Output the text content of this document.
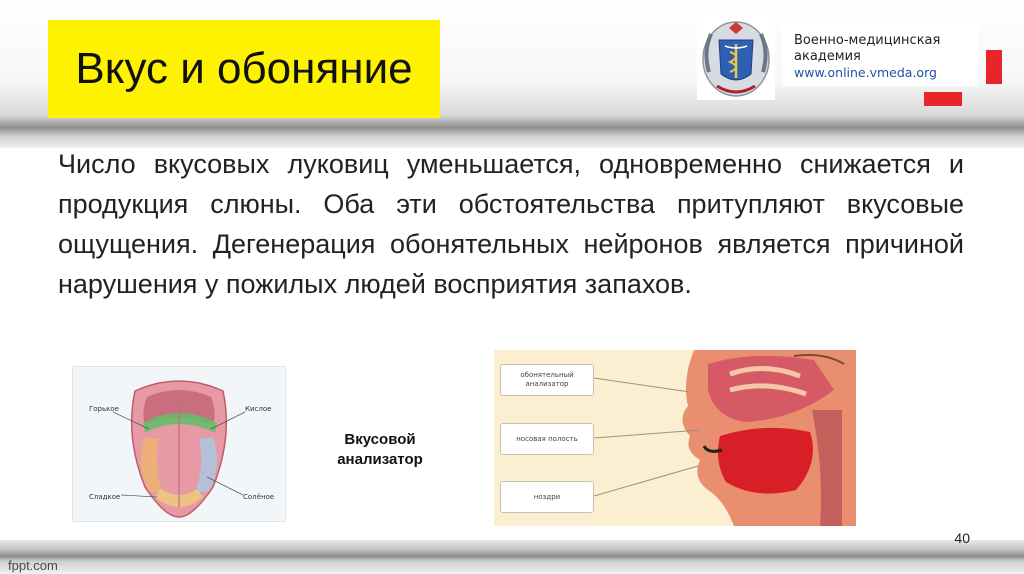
Вкус и обоняние
Военно-медицинская
академия
www.online.vmeda.org
Число вкусовых луковиц уменьшается, одновременно снижается и продукция слюны. Оба эти обстоятельства притупляют вкусовые ощущения. Дегенерация обонятельных нейронов является причиной нарушения у пожилых людей восприятия запахов.
Горькое	Кислое
Сладкое	Солёное
Вкусовой
анализатор
обонятельный анализатор
носовая полость
ноздри
fppt.com
40
